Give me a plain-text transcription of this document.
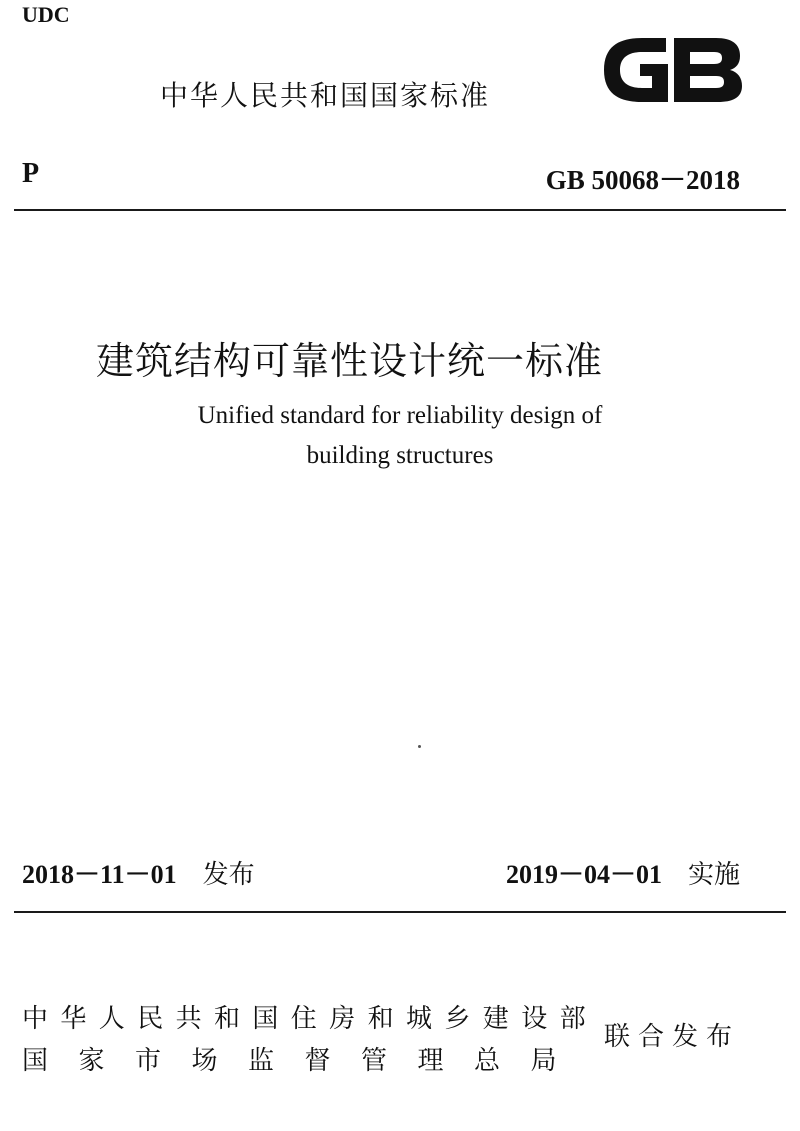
UDC
中华人民共和国国家标准
P	GB 50068－2018
建筑结构可靠性设计统一标准
Unified standard for reliability design of
building structures
2018－11－01 发布	2019－04－01 实施
中华人民共和国住房和城乡建设部
国家市场监督管理总局
联合发布
